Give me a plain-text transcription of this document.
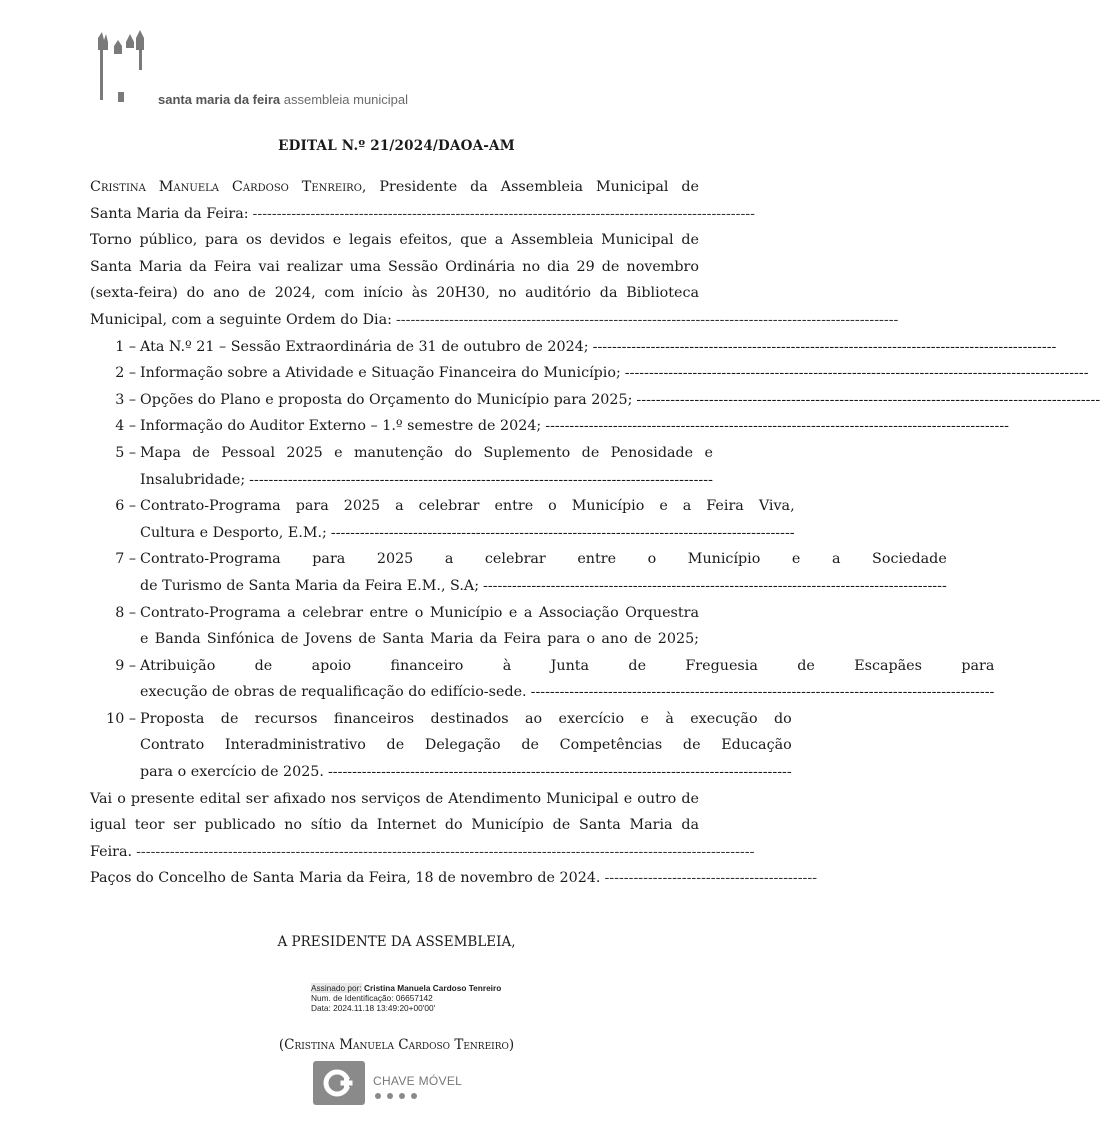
santa maria da feira assembleia municipal
EDITAL N.º 21/2024/DAOA-AM
Cristina Manuela Cardoso Tenreiro, Presidente da Assembleia Municipal de
Santa Maria da Feira: --------------------------------------------------------------------------------------------------------
Torno público, para os devidos e legais efeitos, que a Assembleia Municipal de Santa Maria da Feira vai realizar uma Sessão Ordinária no dia 29 de novembro (sexta-feira) do ano de 2024, com início às 20H30, no auditório da Biblioteca
Municipal, com a seguinte Ordem do Dia: --------------------------------------------------------------------------------------------------------
1 – Ata N.º 21 – Sessão Extraordinária de 31 de outubro de 2024; ------------------------------------------------------------------------------------------------
2 – Informação sobre a Atividade e Situação Financeira do Município; ------------------------------------------------------------------------------------------------
3 – Opções do Plano e proposta do Orçamento do Município para 2025; ------------------------------------------------------------------------------------------------
4 – Informação do Auditor Externo – 1.º semestre de 2024; ------------------------------------------------------------------------------------------------
5 – Mapa de Pessoal 2025 e manutenção do Suplemento de Penosidade e
Insalubridade; ------------------------------------------------------------------------------------------------
6 – Contrato-Programa para 2025 a celebrar entre o Município e a Feira Viva,
Cultura e Desporto, E.M.; ------------------------------------------------------------------------------------------------
7 – Contrato-Programa para 2025 a celebrar entre o Município e a Sociedade
de Turismo de Santa Maria da Feira E.M., S.A; ------------------------------------------------------------------------------------------------
8 – Contrato-Programa a celebrar entre o Município e a Associação Orquestra
e Banda Sinfónica de Jovens de Santa Maria da Feira para o ano de 2025;
9 – Atribuição de apoio financeiro à Junta de Freguesia de Escapães para
execução de obras de requalificação do edifício-sede. ------------------------------------------------------------------------------------------------
10 – Proposta de recursos financeiros destinados ao exercício e à execução do
Contrato Interadministrativo de Delegação de Competências de Educação
para o exercício de 2025. ------------------------------------------------------------------------------------------------
Vai o presente edital ser afixado nos serviços de Atendimento Municipal e outro de igual teor ser publicado no sítio da Internet do Município de Santa Maria da
Feira. --------------------------------------------------------------------------------------------------------------------------------
Paços do Concelho de Santa Maria da Feira, 18 de novembro de 2024. --------------------------------------------
A PRESIDENTE DA ASSEMBLEIA,
Assinado por: Cristina Manuela Cardoso Tenreiro
Num. de Identificação: 06657142
Data: 2024.11.18 13:49:20+00'00'
(Cristina Manuela Cardoso Tenreiro)
CHAVE MÓVEL
